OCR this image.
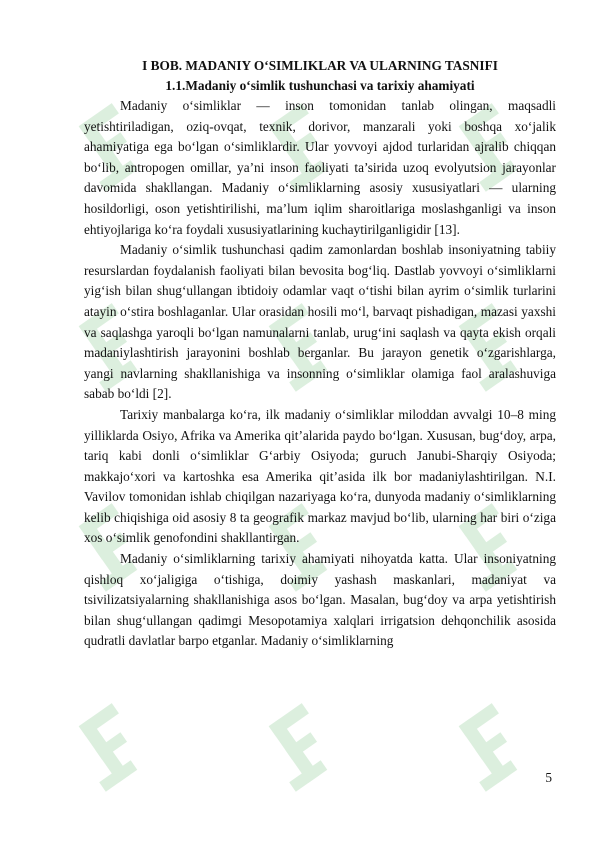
I BOB. MADANIY O‘SIMLIKLAR VA ULARNING TASNIFI
1.1.Madaniy o‘simlik tushunchasi va tarixiy ahamiyati

Madaniy o‘simliklar — inson tomonidan tanlab olingan, maqsadli yetishtiriladigan, oziq-ovqat, texnik, dorivor, manzarali yoki boshqa xo‘jalik ahamiyatiga ega bo‘lgan o‘simliklardir. Ular yovvoyi ajdod turlaridan ajralib chiqqan bo‘lib, antropogen omillar, ya’ni inson faoliyati ta’sirida uzoq evolyutsion jarayonlar davomida shakllangan. Madaniy o‘simliklarning asosiy xususiyatlari — ularning hosildorligi, oson yetishtirilishi, ma’lum iqlim sharoitlariga moslashganligi va inson ehtiyojlariga ko‘ra foydali xususiyatlarining kuchaytirilganligidir [13].

Madaniy o‘simlik tushunchasi qadim zamonlardan boshlab insoniyatning tabiiy resurslardan foydalanish faoliyati bilan bevosita bog‘liq. Dastlab yovvoyi o‘simliklarni yig‘ish bilan shug‘ullangan ibtidoiy odamlar vaqt o‘tishi bilan ayrim o‘simlik turlarini atayin o‘stira boshlaganlar. Ular orasidan hosili mo‘l, barvaqt pishadigan, mazasi yaxshi va saqlashga yaroqli bo‘lgan namunalarni tanlab, urug‘ini saqlash va qayta ekish orqali madaniylashtirish jarayonini boshlab berganlar. Bu jarayon genetik o‘zgarishlarga, yangi navlarning shakllanishiga va insonning o‘simliklar olamiga faol aralashuviga sabab bo‘ldi [2].

Tarixiy manbalarga ko‘ra, ilk madaniy o‘simliklar miloddan avvalgi 10–8 ming yilliklarda Osiyo, Afrika va Amerika qit’alarida paydo bo‘lgan. Xususan, bug‘doy, arpa, tariq kabi donli o‘simliklar G‘arbiy Osiyoda; guruch Janubi-Sharqiy Osiyoda; makkajo‘xori va kartoshka esa Amerika qit’asida ilk bor madaniylashtirilgan. N.I. Vavilov tomonidan ishlab chiqilgan nazariyaga ko‘ra, dunyoda madaniy o‘simliklarning kelib chiqishiga oid asosiy 8 ta geografik markaz mavjud bo‘lib, ularning har biri o‘ziga xos o‘simlik genofondini shakllantirgan.

Madaniy o‘simliklarning tarixiy ahamiyati nihoyatda katta. Ular insoniyatning qishloq xo‘jaligiga o‘tishiga, doimiy yashash maskanlari, madaniyat va tsivilizatsiyalarning shakllanishiga asos bo‘lgan. Masalan, bug‘doy va arpa yetishtirish bilan shug‘ullangan qadimgi Mesopotamiya xalqlari irrigatsion dehqonchilik asosida qudratli davlatlar barpo etganlar. Madaniy o‘simliklarning

5
